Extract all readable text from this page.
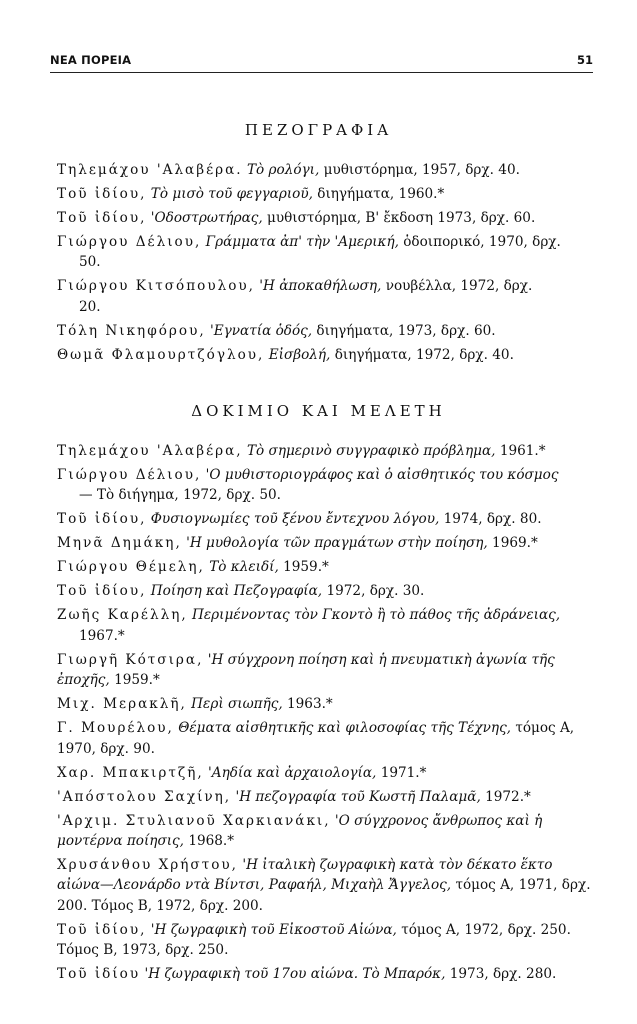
ΝΕΑ ΠΟΡΕΙΑ	51
ΠΕΖΟΓΡΑΦΙΑ
Τηλεμάχου 'Αλαβέρα. Τὸ ρολόγι, μυθιστόρημα, 1957, δρχ. 40.
Τοῦ ἰδίου, Τὸ μισὸ τοῦ φεγγαριοῦ, διηγήματα, 1960.*
Τοῦ ἰδίου, 'Οδοστρωτήρας, μυθιστόρημα, Β' ἔκδοση 1973, δρχ. 60.
Γιώργου Δέλιου, Γράμματα ἀπ' τὴν 'Αμερική, ὁδοιπορικό, 1970, δρχ.
50.
Γιώργου Κιτσόπουλου, 'Η ἀποκαθήλωση, νουβέλλα, 1972, δρχ.
20.
Τόλη Νικηφόρου, 'Εγνατία ὁδός, διηγήματα, 1973, δρχ. 60.
Θωμᾶ Φλαμουρτζόγλου, Εἰσβολή, διηγήματα, 1972, δρχ. 40.
ΔΟΚΙΜΙΟ ΚΑΙ ΜΕΛΕΤΗ
Τηλεμάχου 'Αλαβέρα, Τὸ σημερινὸ συγγραφικὸ πρόβλημα, 1961.*
Γιώργου Δέλιου, 'Ο μυθιστοριογράφος καὶ ὁ αἰσθητικός του κόσμος
— Τὸ διήγημα, 1972, δρχ. 50.
Τοῦ ἰδίου, Φυσιογνωμίες τοῦ ξένου ἔντεχνου λόγου, 1974, δρχ. 80.
Μηνᾶ Δημάκη, 'Η μυθολογία τῶν πραγμάτων στὴν ποίηση, 1969.*
Γιώργου Θέμελη, Τὸ κλειδί, 1959.*
Τοῦ ἰδίου, Ποίηση καὶ Πεζογραφία, 1972, δρχ. 30.
Ζωῆς Καρέλλη, Περιμένοντας τὸν Γκοντὸ ἢ τὸ πάθος τῆς ἀδράνειας,
1967.*
Γιωργῆ Κότσιρα, 'Η σύγχρονη ποίηση καὶ ἡ πνευματικὴ ἀγωνία τῆς ἐποχῆς, 1959.*
Μιχ. Μερακλῆ, Περὶ σιωπῆς, 1963.*
Γ. Μουρέλου, Θέματα αἰσθητικῆς καὶ φιλοσοφίας τῆς Τέχνης, τόμος Α, 1970, δρχ. 90.
Χαρ. Μπακιρτζῆ, 'Αηδία καὶ ἀρχαιολογία, 1971.*
'Απόστολου Σαχίνη, 'Η πεζογραφία τοῦ Κωστῆ Παλαμᾶ, 1972.*
'Αρχιμ. Στυλιανοῦ Χαρκιανάκι, 'Ο σύγχρονος ἄνθρωπος καὶ ἡ μοντέρνα ποίησις, 1968.*
Χρυσάνθου Χρήστου, 'Η ἰταλικὴ ζωγραφικὴ κατὰ τὸν δέκατο ἕκτο αἰώνα—Λεονάρδο ντὰ Βίντσι, Ραφαήλ, Μιχαὴλ Ἄγγελος, τόμος Α, 1971, δρχ. 200. Τόμος Β, 1972, δρχ. 200.
Τοῦ ἰδίου, 'Η ζωγραφικὴ τοῦ Εἰκοστοῦ Αἰώνα, τόμος Α, 1972, δρχ. 250. Τόμος Β, 1973, δρχ. 250.
Τοῦ ἰδίου 'Η ζωγραφικὴ τοῦ 17ου αἰώνα. Τὸ Μπαρόκ, 1973, δρχ. 280.
